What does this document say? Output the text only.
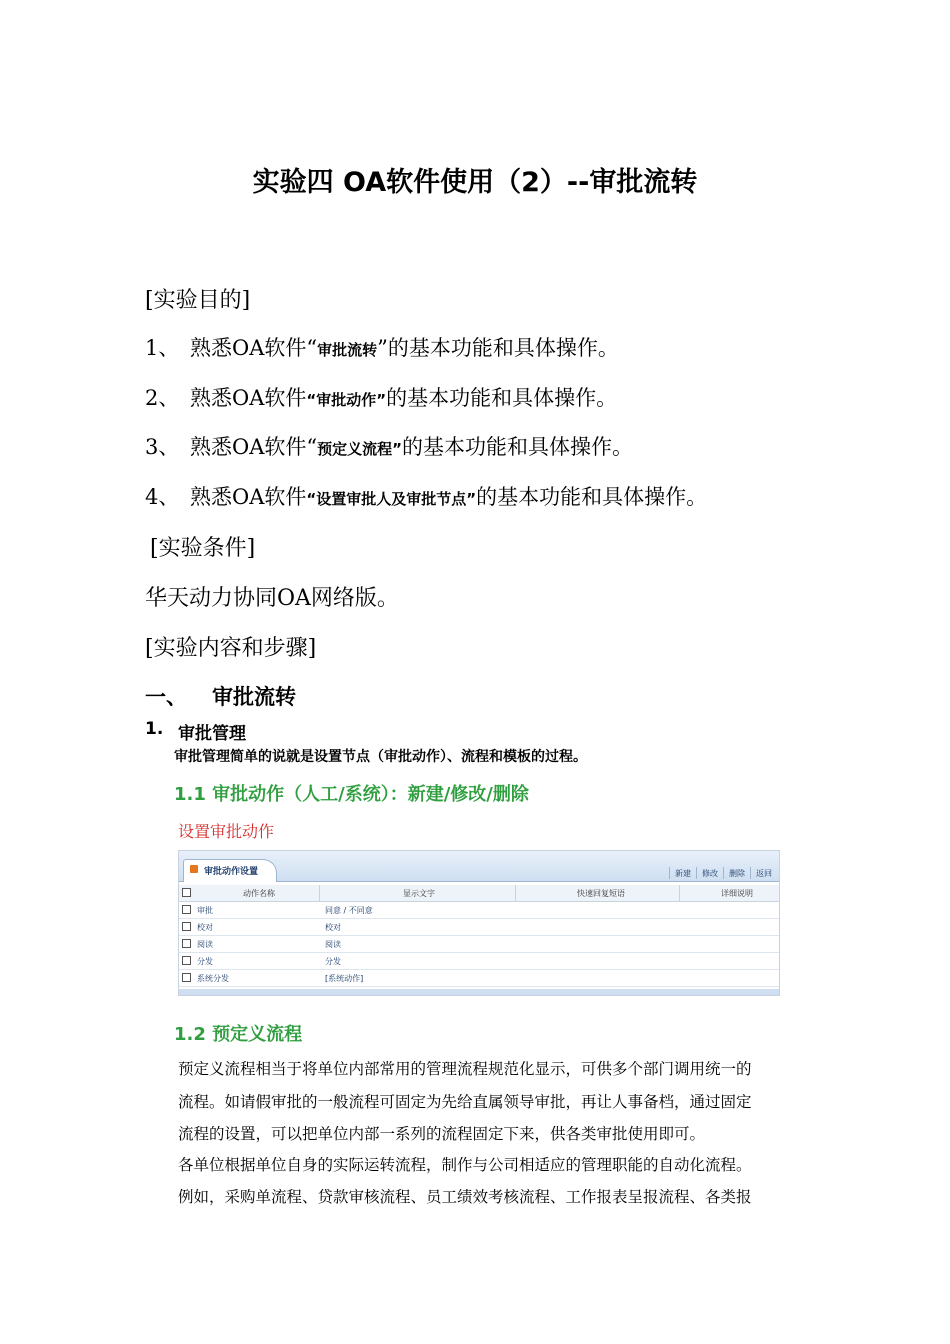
实验四 OA软件使用（2）--审批流转
[实验目的]
1、 熟悉OA软件“审批流转”的基本功能和具体操作。
2、 熟悉OA软件“审批动作”的基本功能和具体操作。
3、 熟悉OA软件“预定义流程”的基本功能和具体操作。
4、 熟悉OA软件“设置审批人及审批节点”的基本功能和具体操作。
[实验条件]
华天动力协同OA网络版。
[实验内容和步骤]
一、 审批流转
1. 审批管理
审批管理简单的说就是设置节点（审批动作）、流程和模板的过程。
1.1 审批动作（人工/系统）：新建/修改/删除
设置审批动作
审批动作设置	新建	修改	删除	返回
动作名称	显示文字	快速回复短语	详细说明
审批	同意 / 不同意
校对	校对
阅读	阅读
分发	分发
系统分发	[系统动作]
1.2 预定义流程
预定义流程相当于将单位内部常用的管理流程规范化显示，可供多个部门调用统一的
流程。如请假审批的一般流程可固定为先给直属领导审批，再让人事备档，通过固定
流程的设置，可以把单位内部一系列的流程固定下来，供各类审批使用即可。
各单位根据单位自身的实际运转流程，制作与公司相适应的管理职能的自动化流程。
例如，采购单流程、贷款审核流程、员工绩效考核流程、工作报表呈报流程、各类报
